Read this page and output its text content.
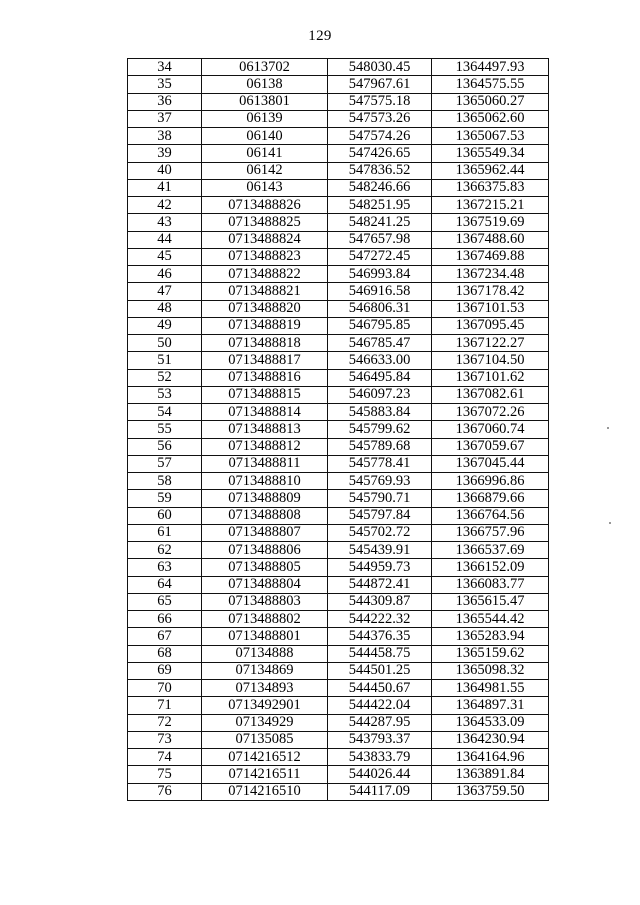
129
34	0613702	548030.45	1364497.93
35	06138	547967.61	1364575.55
36	0613801	547575.18	1365060.27
37	06139	547573.26	1365062.60
38	06140	547574.26	1365067.53
39	06141	547426.65	1365549.34
40	06142	547836.52	1365962.44
41	06143	548246.66	1366375.83
42	0713488826	548251.95	1367215.21
43	0713488825	548241.25	1367519.69
44	0713488824	547657.98	1367488.60
45	0713488823	547272.45	1367469.88
46	0713488822	546993.84	1367234.48
47	0713488821	546916.58	1367178.42
48	0713488820	546806.31	1367101.53
49	0713488819	546795.85	1367095.45
50	0713488818	546785.47	1367122.27
51	0713488817	546633.00	1367104.50
52	0713488816	546495.84	1367101.62
53	0713488815	546097.23	1367082.61
54	0713488814	545883.84	1367072.26
55	0713488813	545799.62	1367060.74
56	0713488812	545789.68	1367059.67
57	0713488811	545778.41	1367045.44
58	0713488810	545769.93	1366996.86
59	0713488809	545790.71	1366879.66
60	0713488808	545797.84	1366764.56
61	0713488807	545702.72	1366757.96
62	0713488806	545439.91	1366537.69
63	0713488805	544959.73	1366152.09
64	0713488804	544872.41	1366083.77
65	0713488803	544309.87	1365615.47
66	0713488802	544222.32	1365544.42
67	0713488801	544376.35	1365283.94
68	07134888	544458.75	1365159.62
69	07134869	544501.25	1365098.32
70	07134893	544450.67	1364981.55
71	0713492901	544422.04	1364897.31
72	07134929	544287.95	1364533.09
73	07135085	543793.37	1364230.94
74	0714216512	543833.79	1364164.96
75	0714216511	544026.44	1363891.84
76	0714216510	544117.09	1363759.50
